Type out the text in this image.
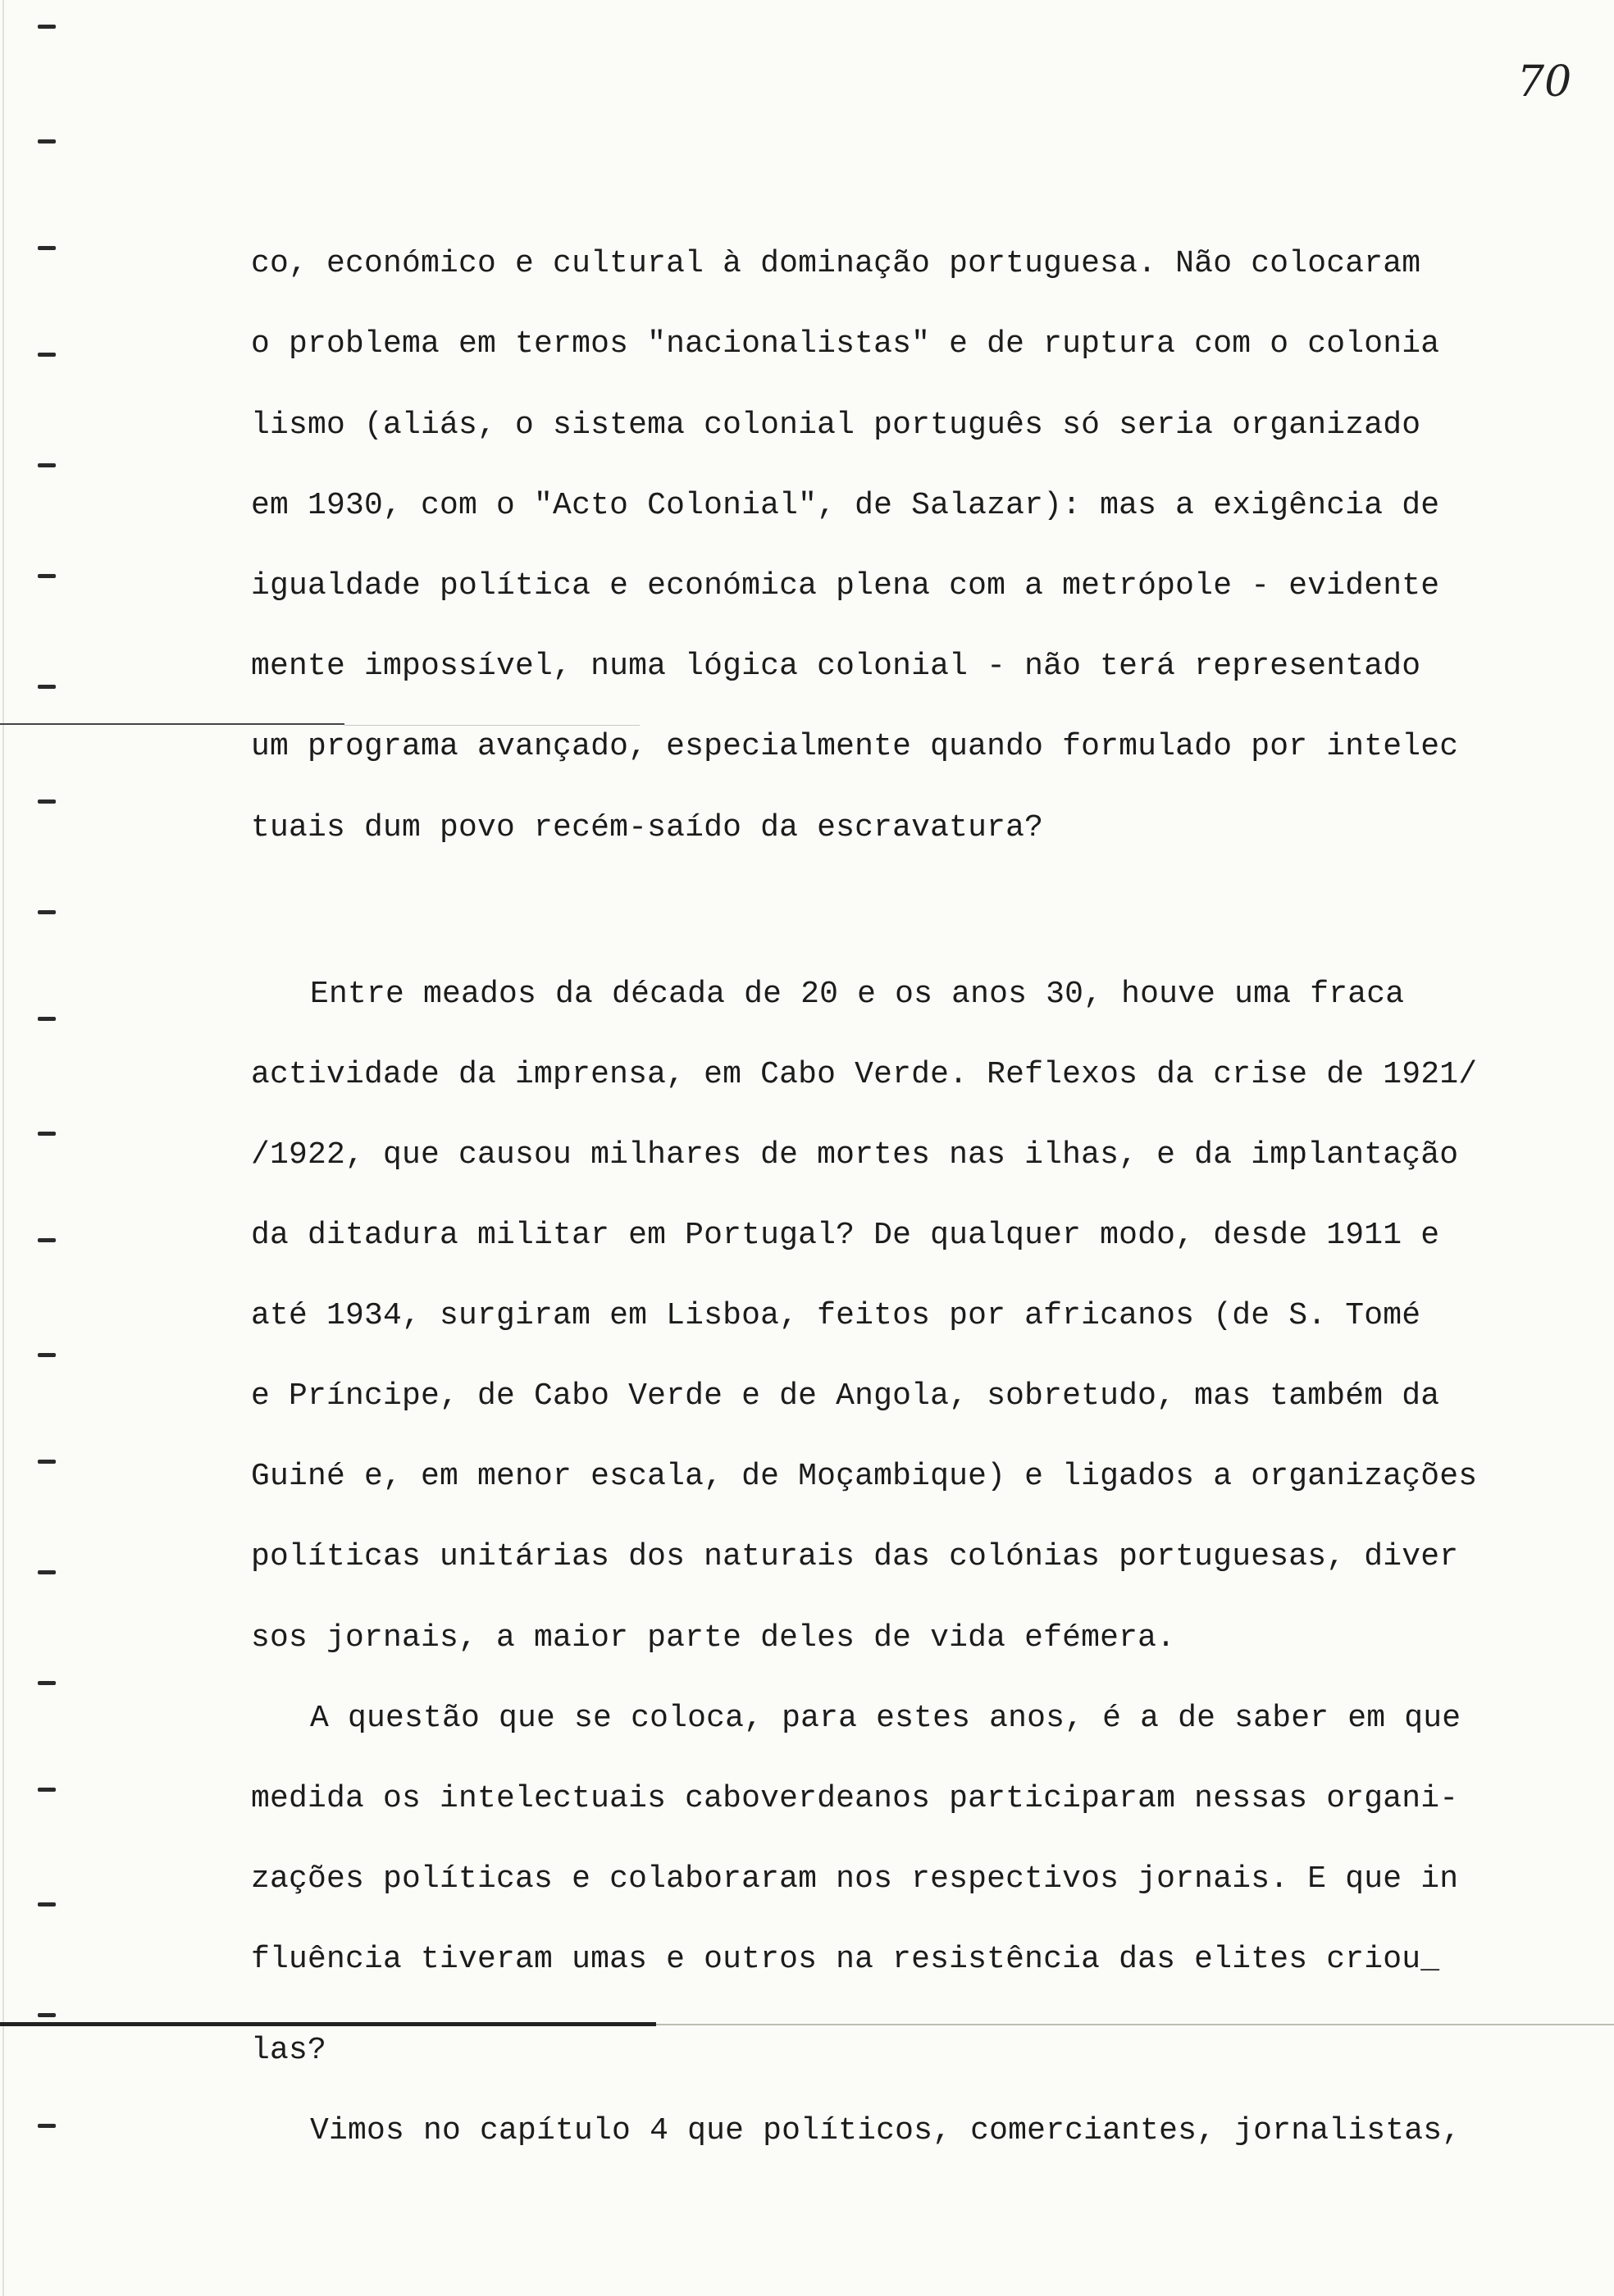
70
co, económico e cultural à dominação portuguesa. Não colocaram
o problema em termos "nacionalistas" e de ruptura com o colonia
lismo (aliás, o sistema colonial português só seria organizado
em 1930, com o "Acto Colonial", de Salazar): mas a exigência de
igualdade política e económica plena com a metrópole - evidente
mente impossível, numa lógica colonial - não terá representado
um programa avançado, especialmente quando formulado por intelec
tuais dum povo recém-saído da escravatura?
Entre meados da década de 20 e os anos 30, houve uma fraca
actividade da imprensa, em Cabo Verde. Reflexos da crise de 1921/
/1922, que causou milhares de mortes nas ilhas, e da implantação
da ditadura militar em Portugal? De qualquer modo, desde 1911 e
até 1934, surgiram em Lisboa, feitos por africanos (de S. Tomé
e Príncipe, de Cabo Verde e de Angola, sobretudo, mas também da
Guiné e, em menor escala, de Moçambique) e ligados a organizações
políticas unitárias dos naturais das colónias portuguesas, diver
sos jornais, a maior parte deles de vida efémera.
A questão que se coloca, para estes anos, é a de saber em que
medida os intelectuais caboverdeanos participaram nessas organi-
zações políticas e colaboraram nos respectivos jornais. E que in
fluência tiveram umas e outros na resistência das elites criou_
las?
Vimos no capítulo 4 que políticos, comerciantes, jornalistas,
